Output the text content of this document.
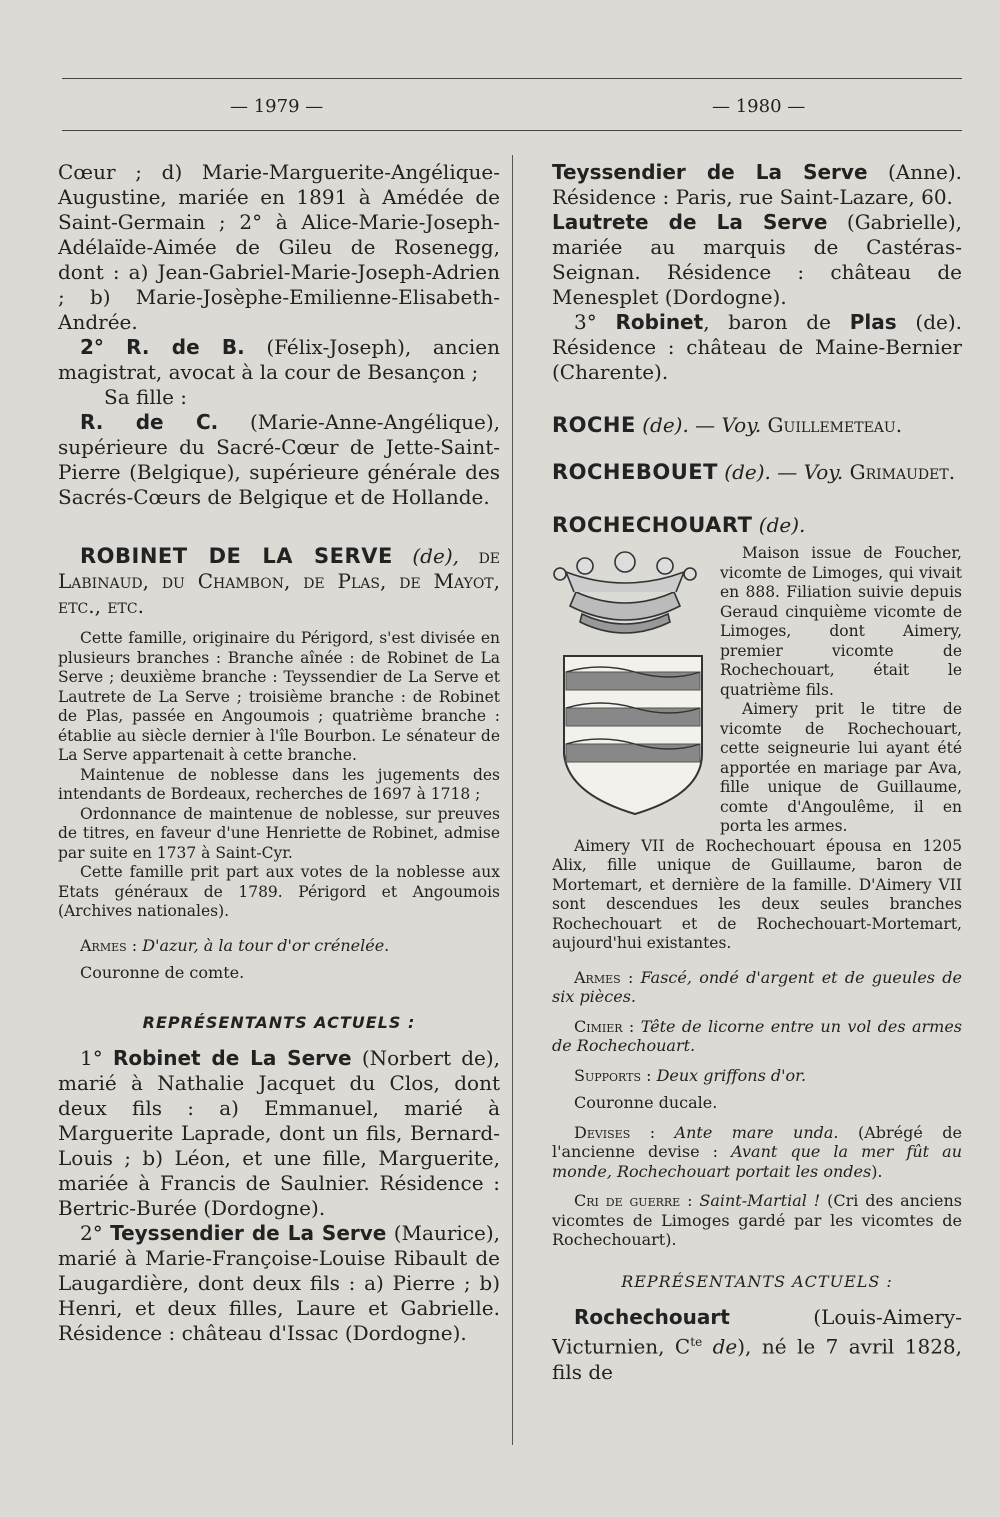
— 1979 —	— 1980 —

Cœur ; d) Marie-Marguerite-Angélique-Augustine, mariée en 1891 à Amédée de Saint-Germain ; 2° à Alice-Marie-Joseph-Adélaïde-Aimée de Gileu de Rosenegg, dont : a) Jean-Gabriel-Marie-Joseph-Adrien ; b) Marie-Josèphe-Emilienne-Elisabeth-Andrée.

2° R. de B. (Félix-Joseph), ancien magistrat, avocat à la cour de Besançon ;

Sa fille :

R. de C. (Marie-Anne-Angélique), supérieure du Sacré-Cœur de Jette-Saint-Pierre (Belgique), supérieure générale des Sacrés-Cœurs de Belgique et de Hollande.

ROBINET DE LA SERVE (de), de Labinaud, du Chambon, de Plas, de Mayot, etc., etc.

Cette famille, originaire du Périgord, s'est divisée en plusieurs branches : Branche aînée : de Robinet de La Serve ; deuxième branche : Teyssendier de La Serve et Lautrete de La Serve ; troisième branche : de Robinet de Plas, passée en Angoumois ; quatrième branche : établie au siècle dernier à l'île Bourbon. Le sénateur de La Serve appartenait à cette branche.

Maintenue de noblesse dans les jugements des intendants de Bordeaux, recherches de 1697 à 1718 ;

Ordonnance de maintenue de noblesse, sur preuves de titres, en faveur d'une Henriette de Robinet, admise par suite en 1737 à Saint-Cyr.

Cette famille prit part aux votes de la noblesse aux Etats généraux de 1789. Périgord et Angoumois (Archives nationales).

Armes : D'azur, à la tour d'or crénelée.

Couronne de comte.

REPRÉSENTANTS ACTUELS :

1° Robinet de La Serve (Norbert de), marié à Nathalie Jacquet du Clos, dont deux fils : a) Emmanuel, marié à Marguerite Laprade, dont un fils, Bernard-Louis ; b) Léon, et une fille, Marguerite, mariée à Francis de Saulnier. Résidence : Bertric-Burée (Dordogne).

2° Teyssendier de La Serve (Maurice), marié à Marie-Françoise-Louise Ribault de Laugardière, dont deux fils : a) Pierre ; b) Henri, et deux filles, Laure et Gabrielle. Résidence : château d'Issac (Dordogne).

Teyssendier de La Serve (Anne). Résidence : Paris, rue Saint-Lazare, 60.

Lautrete de La Serve (Gabrielle), mariée au marquis de Castéras-Seignan. Résidence : château de Menesplet (Dordogne).

3° Robinet, baron de Plas (de). Résidence : château de Maine-Bernier (Charente).

ROCHE (de). — Voy. Guillemeteau.

ROCHEBOUET (de). — Voy. Grimaudet.

ROCHECHOUART (de).

Maison issue de Foucher, vicomte de Limoges, qui vivait en 888. Filiation suivie depuis Geraud cinquième vicomte de Limoges, dont Aimery, premier vicomte de Rochechouart, était le quatrième fils.

Aimery prit le titre de vicomte de Rochechouart, cette seigneurie lui ayant été apportée en mariage par Ava, fille unique de Guillaume, comte d'Angoulême, il en porta les armes.

Aimery VII de Rochechouart épousa en 1205 Alix, fille unique de Guillaume, baron de Mortemart, et dernière de la famille. D'Aimery VII sont descendues les deux seules branches Rochechouart et de Rochechouart-Mortemart, aujourd'hui existantes.

Armes : Fascé, ondé d'argent et de gueules de six pièces.

Cimier : Tête de licorne entre un vol des armes de Rochechouart.

Supports : Deux griffons d'or.

Couronne ducale.

Devises : Ante mare unda. (Abrégé de l'ancienne devise : Avant que la mer fût au monde, Rochechouart portait les ondes).

Cri de guerre : Saint-Martial ! (Cri des anciens vicomtes de Limoges gardé par les vicomtes de Rochechouart).

REPRÉSENTANTS ACTUELS :

Rochechouart (Louis-Aimery-Victurnien, $C^{te}$ de), né le 7 avril 1828, fils de
